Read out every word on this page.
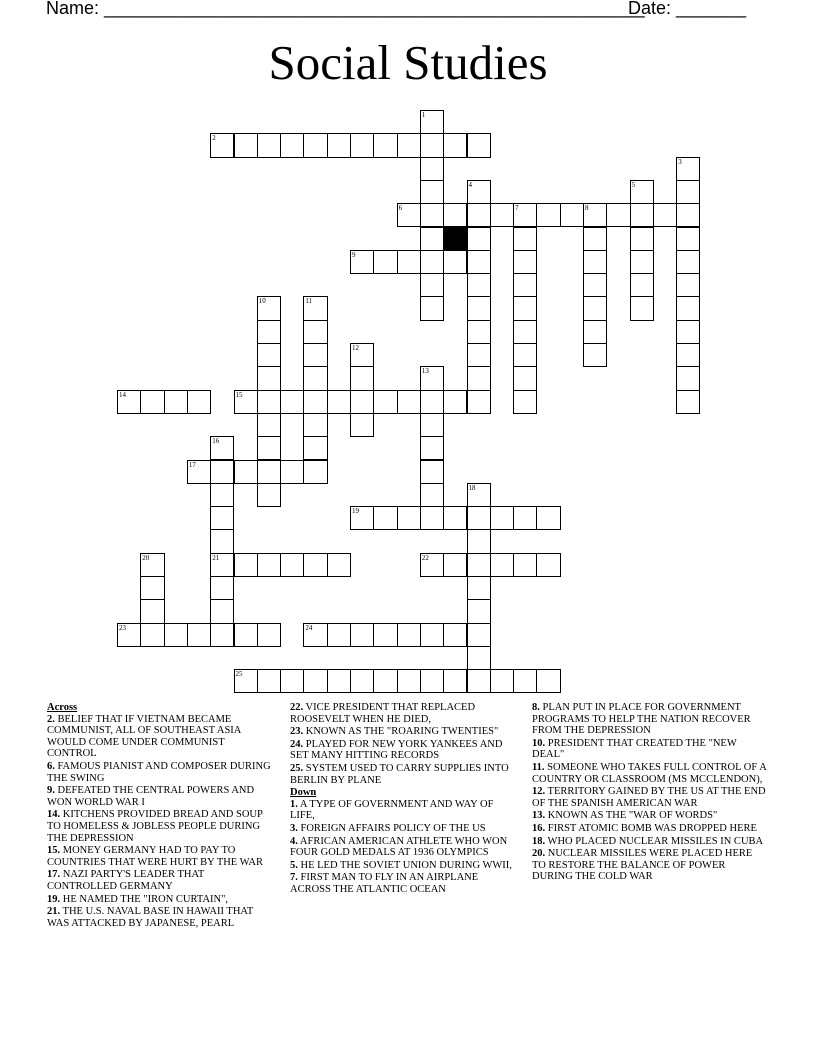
Name: ______________________________________________________
Date: _______
Social Studies
2
6	7	8
9
14	15
17
19
21	22
23	24
25
1
3
4	5
10	11
12
13
16
18
20
Across
2. BELIEF THAT IF VIETNAM BECAME COMMUNIST, ALL OF SOUTHEAST ASIA WOULD COME UNDER COMMUNIST CONTROL
6. FAMOUS PIANIST AND COMPOSER DURING THE SWING
9. DEFEATED THE CENTRAL POWERS AND WON WORLD WAR I
14. KITCHENS PROVIDED BREAD AND SOUP TO HOMELESS & JOBLESS PEOPLE DURING THE DEPRESSION
15. MONEY GERMANY HAD TO PAY TO COUNTRIES THAT WERE HURT BY THE WAR
17. NAZI PARTY'S LEADER THAT CONTROLLED GERMANY
19. HE NAMED THE "IRON CURTAIN",
21. THE U.S. NAVAL BASE IN HAWAII THAT WAS ATTACKED BY JAPANESE, PEARL
22. VICE PRESIDENT THAT REPLACED ROOSEVELT WHEN HE DIED,
23. KNOWN AS THE "ROARING TWENTIES"
24. PLAYED FOR NEW YORK YANKEES AND SET MANY HITTING RECORDS
25. SYSTEM USED TO CARRY SUPPLIES INTO BERLIN BY PLANE
Down
1. A TYPE OF GOVERNMENT AND WAY OF LIFE,
3. FOREIGN AFFAIRS POLICY OF THE US
4. AFRICAN AMERICAN ATHLETE WHO WON FOUR GOLD MEDALS AT 1936 OLYMPICS
5. HE LED THE SOVIET UNION DURING WWII,
7. FIRST MAN TO FLY IN AN AIRPLANE ACROSS THE ATLANTIC OCEAN
8. PLAN PUT IN PLACE FOR GOVERNMENT PROGRAMS TO HELP THE NATION RECOVER FROM THE DEPRESSION
10. PRESIDENT THAT CREATED THE "NEW DEAL"
11. SOMEONE WHO TAKES FULL CONTROL OF A COUNTRY OR CLASSROOM (MS MCCLENDON),
12. TERRITORY GAINED BY THE US AT THE END OF THE SPANISH AMERICAN WAR
13. KNOWN AS THE "WAR OF WORDS"
16. FIRST ATOMIC BOMB WAS DROPPED HERE
18. WHO PLACED NUCLEAR MISSILES IN CUBA
20. NUCLEAR MISSILES WERE PLACED HERE TO RESTORE THE BALANCE OF POWER DURING THE COLD WAR
